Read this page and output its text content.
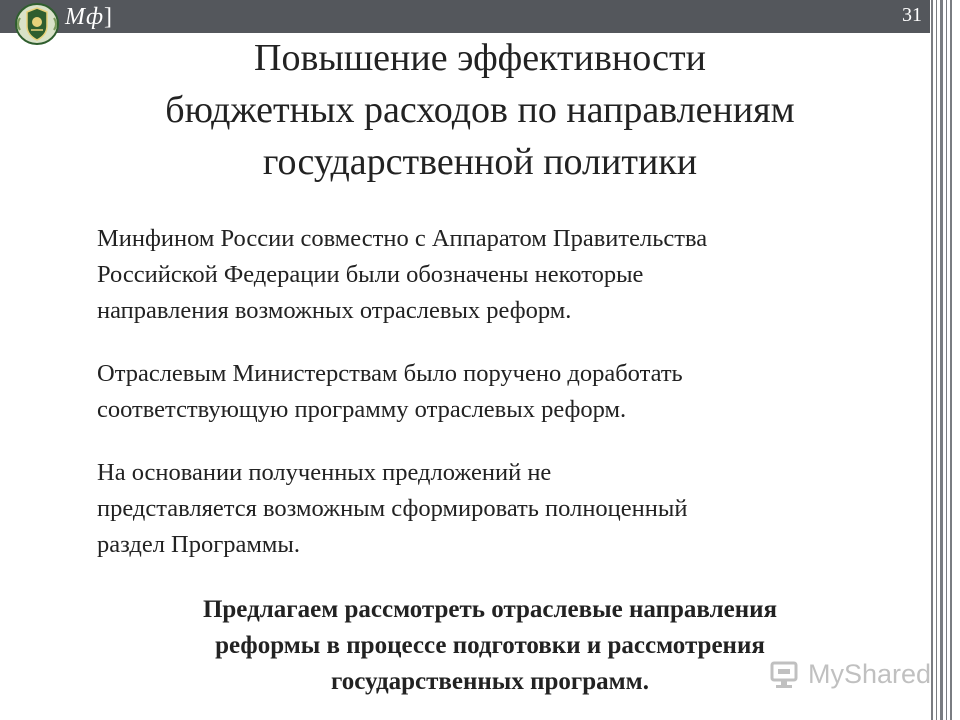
Мф]	31
Повышение эффективности
бюджетных расходов по направлениям
государственной политики
Минфином России совместно с Аппаратом Правительства
Российской Федерации были обозначены некоторые
направления возможных отраслевых реформ.
Отраслевым Министерствам было поручено доработать
соответствующую программу отраслевых реформ.
На основании полученных предложений не
представляется возможным сформировать полноценный
раздел Программы.
Предлагаем рассмотреть отраслевые направления
реформы в процессе подготовки и рассмотрения
государственных программ.	MyShared
